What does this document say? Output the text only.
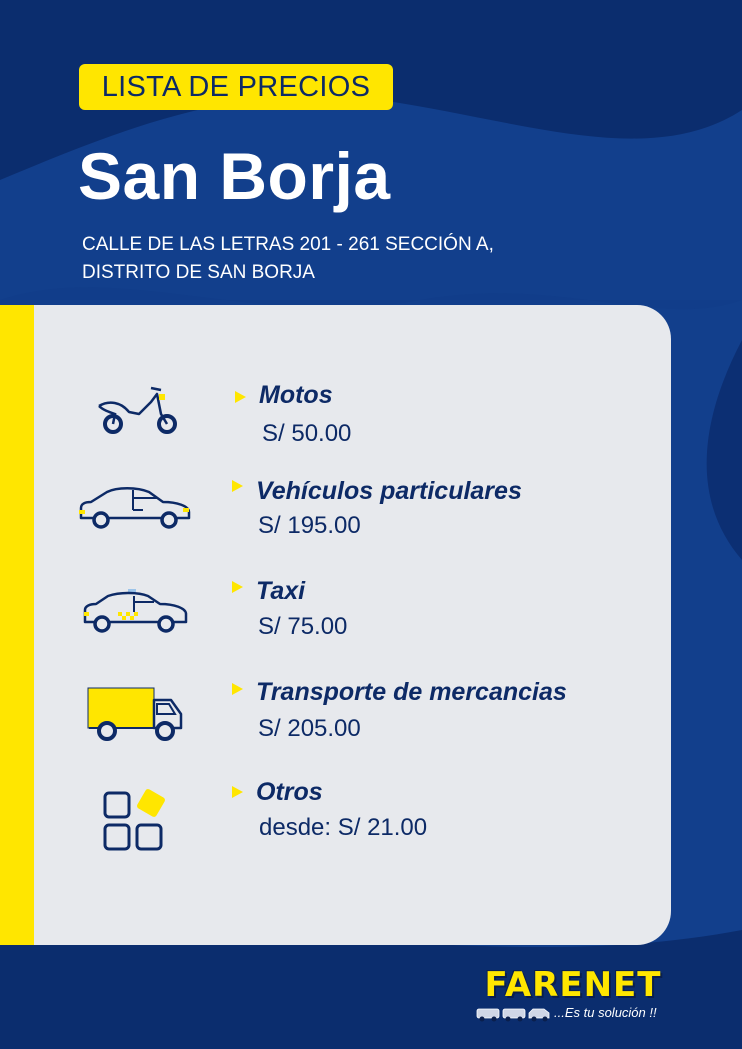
LISTA DE PRECIOS
San Borja
CALLE DE LAS LETRAS 201 - 261 SECCIÓN A,
DISTRITO DE SAN BORJA
Motos
S/ 50.00
Vehículos particulares
S/ 195.00
Taxi
S/ 75.00
Transporte de mercancias
S/ 205.00
Otros
desde: S/ 21.00
FARENET
...Es tu solución !!
